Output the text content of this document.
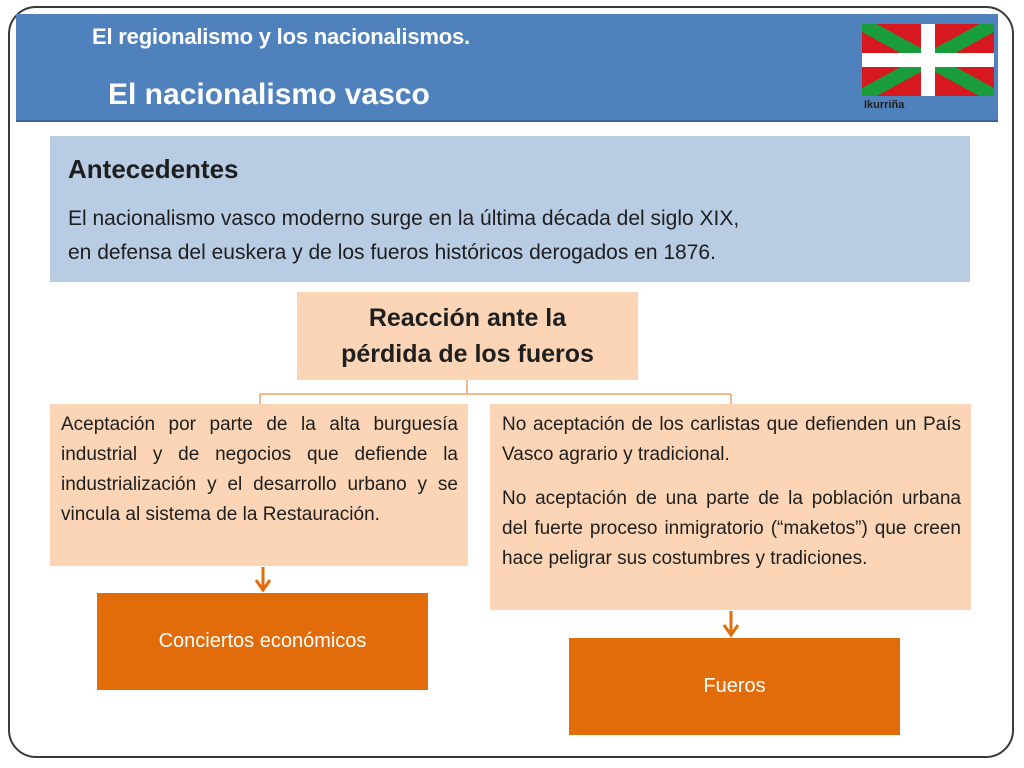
El regionalismo y los nacionalismos.
El nacionalismo vasco	Ikurriña
Antecedentes
El nacionalismo vasco moderno surge en la última década del siglo XIX,
en defensa del euskera y de los fueros históricos derogados en 1876.
Reacción ante la
pérdida de los fueros
Aceptación por parte de la alta burguesía industrial y de negocios que defiende la industrialización y el desarrollo urbano y se vincula al sistema de la Restauración.

No aceptación de los carlistas que defienden un País Vasco agrario y tradicional.

No aceptación de una parte de la población urbana del fuerte proceso inmigratorio (“maketos”) que creen hace peligrar sus costumbres y tradiciones.

Conciertos económicos
Fueros
